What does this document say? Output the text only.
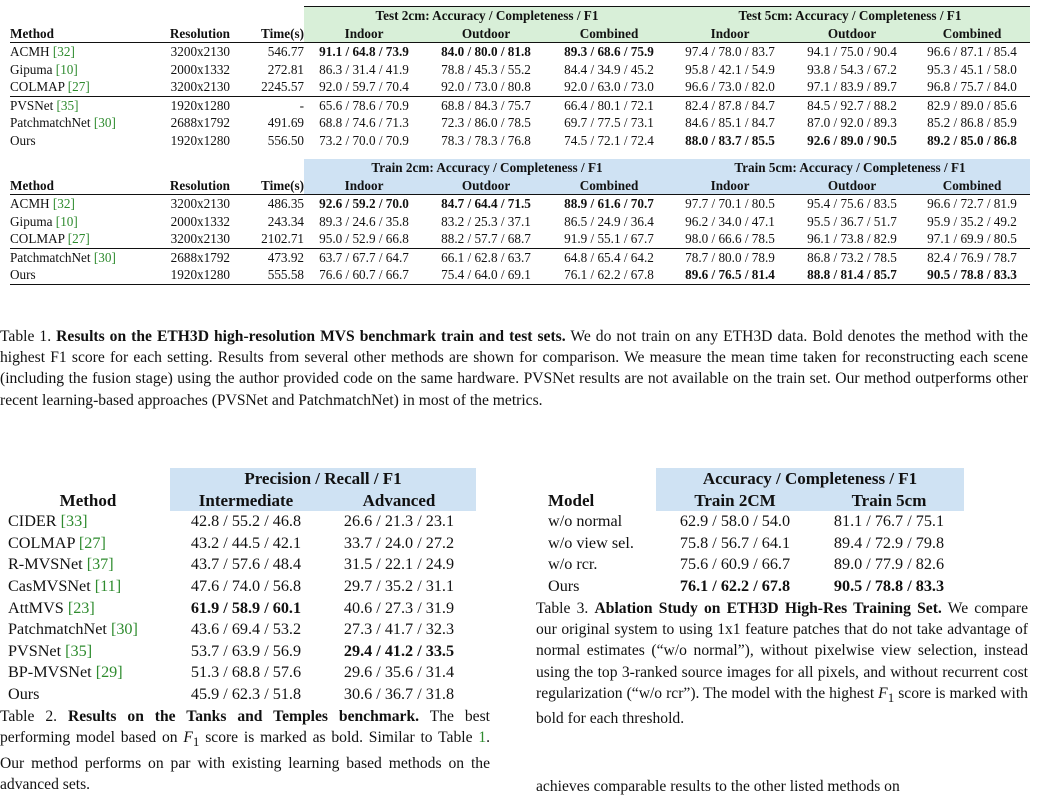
			Test 2cm: Accuracy / Completeness / F1			Test 5cm: Accuracy / Completeness / F1		
Method	Resolution	Time(s)	Indoor	Outdoor	Combined	Indoor	Outdoor	Combined
ACMH [32]	3200x2130	546.77	91.1 / 64.8 / 73.9	84.0 / 80.0 / 81.8	89.3 / 68.6 / 75.9	97.4 / 78.0 / 83.7	94.1 / 75.0 / 90.4	96.6 / 87.1 / 85.4
Gipuma [10]	2000x1332	272.81	86.3 / 31.4 / 41.9	78.8 / 45.3 / 55.2	84.4 / 34.9 / 45.2	95.8 / 42.1 / 54.9	93.8 / 54.3 / 67.2	95.3 / 45.1 / 58.0
COLMAP [27]	3200x2130	2245.57	92.0 / 59.7 / 70.4	92.0 / 73.0 / 80.8	92.0 / 63.0 / 73.0	96.6 / 73.0 / 82.0	97.1 / 83.9 / 89.7	96.8 / 75.7 / 84.0
PVSNet [35]	1920x1280	-	65.6 / 78.6 / 70.9	68.8 / 84.3 / 75.7	66.4 / 80.1 / 72.1	82.4 / 87.8 / 84.7	84.5 / 92.7 / 88.2	82.9 / 89.0 / 85.6
PatchmatchNet [30]	2688x1792	491.69	68.8 / 74.6 / 71.3	72.3 / 86.0 / 78.5	69.7 / 77.5 / 73.1	84.6 / 85.1 / 84.7	87.0 / 92.0 / 89.3	85.2 / 86.8 / 85.9
Ours	1920x1280	556.50	73.2 / 70.0 / 70.9	78.3 / 78.3 / 76.8	74.5 / 72.1 / 72.4	88.0 / 83.7 / 85.5	92.6 / 89.0 / 90.5	89.2 / 85.0 / 86.8

			Train 2cm: Accuracy / Completeness / F1			Train 5cm: Accuracy / Completeness / F1		
Method	Resolution	Time(s)	Indoor	Outdoor	Combined	Indoor	Outdoor	Combined
ACMH [32]	3200x2130	486.35	92.6 / 59.2 / 70.0	84.7 / 64.4 / 71.5	88.9 / 61.6 / 70.7	97.7 / 70.1 / 80.5	95.4 / 75.6 / 83.5	96.6 / 72.7 / 81.9
Gipuma [10]	2000x1332	243.34	89.3 / 24.6 / 35.8	83.2 / 25.3 / 37.1	86.5 / 24.9 / 36.4	96.2 / 34.0 / 47.1	95.5 / 36.7 / 51.7	95.9 / 35.2 / 49.2
COLMAP [27]	3200x2130	2102.71	95.0 / 52.9 / 66.8	88.2 / 57.7 / 68.7	91.9 / 55.1 / 67.7	98.0 / 66.6 / 78.5	96.1 / 73.8 / 82.9	97.1 / 69.9 / 80.5
PatchmatchNet [30]	2688x1792	473.92	63.7 / 67.7 / 64.7	66.1 / 62.8 / 63.7	64.8 / 65.4 / 64.2	78.7 / 80.0 / 78.9	86.8 / 73.2 / 78.5	82.4 / 76.9 / 78.7
Ours	1920x1280	555.58	76.6 / 60.7 / 66.7	75.4 / 64.0 / 69.1	76.1 / 62.2 / 67.8	89.6 / 76.5 / 81.4	88.8 / 81.4 / 85.7	90.5 / 78.8 / 83.3
Table 1. Results on the ETH3D high-resolution MVS benchmark train and test sets. We do not train on any ETH3D data. Bold denotes the method with the highest F1 score for each setting. Results from several other methods are shown for comparison. We measure the mean time taken for reconstructing each scene (including the fusion stage) using the author provided code on the same hardware. PVSNet results are not available on the train set. Our method outperforms other recent learning-based approaches (PVSNet and PatchmatchNet) in most of the metrics.
	Precision / Recall / F1	
Method	Intermediate	Advanced
CIDER [33]	42.8 / 55.2 / 46.8	26.6 / 21.3 / 23.1
COLMAP [27]	43.2 / 44.5 / 42.1	33.7 / 24.0 / 27.2
R-MVSNet [37]	43.7 / 57.6 / 48.4	31.5 / 22.1 / 24.9
CasMVSNet [11]	47.6 / 74.0 / 56.8	29.7 / 35.2 / 31.1
AttMVS [23]	61.9 / 58.9 / 60.1	40.6 / 27.3 / 31.9
PatchmatchNet [30]	43.6 / 69.4 / 53.2	27.3 / 41.7 / 32.3
PVSNet [35]	53.7 / 63.9 / 56.9	29.4 / 41.2 / 33.5
BP-MVSNet [29]	51.3 / 68.8 / 57.6	29.6 / 35.6 / 31.4
Ours	45.9 / 62.3 / 51.8	30.6 / 36.7 / 31.8
Table 2. Results on the Tanks and Temples benchmark. The best performing model based on $F_1$ score is marked as bold. Similar to Table 1. Our method performs on par with existing learning based methods on the advanced sets.
	Accuracy / Completeness / F1	
Model	Train 2CM	Train 5cm
w/o normal	62.9 / 58.0 / 54.0	81.1 / 76.7 / 75.1
w/o view sel.	75.8 / 56.7 / 64.1	89.4 / 72.9 / 79.8
w/o rcr.	75.6 / 60.9 / 66.7	89.0 / 77.9 / 82.6
Ours	76.1 / 62.2 / 67.8	90.5 / 78.8 / 83.3
Table 3. Ablation Study on ETH3D High-Res Training Set. We compare our original system to using 1x1 feature patches that do not take advantage of normal estimates (“w/o normal”), without pixelwise view selection, instead using the top 3-ranked source images for all pixels, and without recurrent cost regularization (“w/o rcr”). The model with the highest $F_1$ score is marked with bold for each threshold.
achieves comparable results to the other listed methods on
